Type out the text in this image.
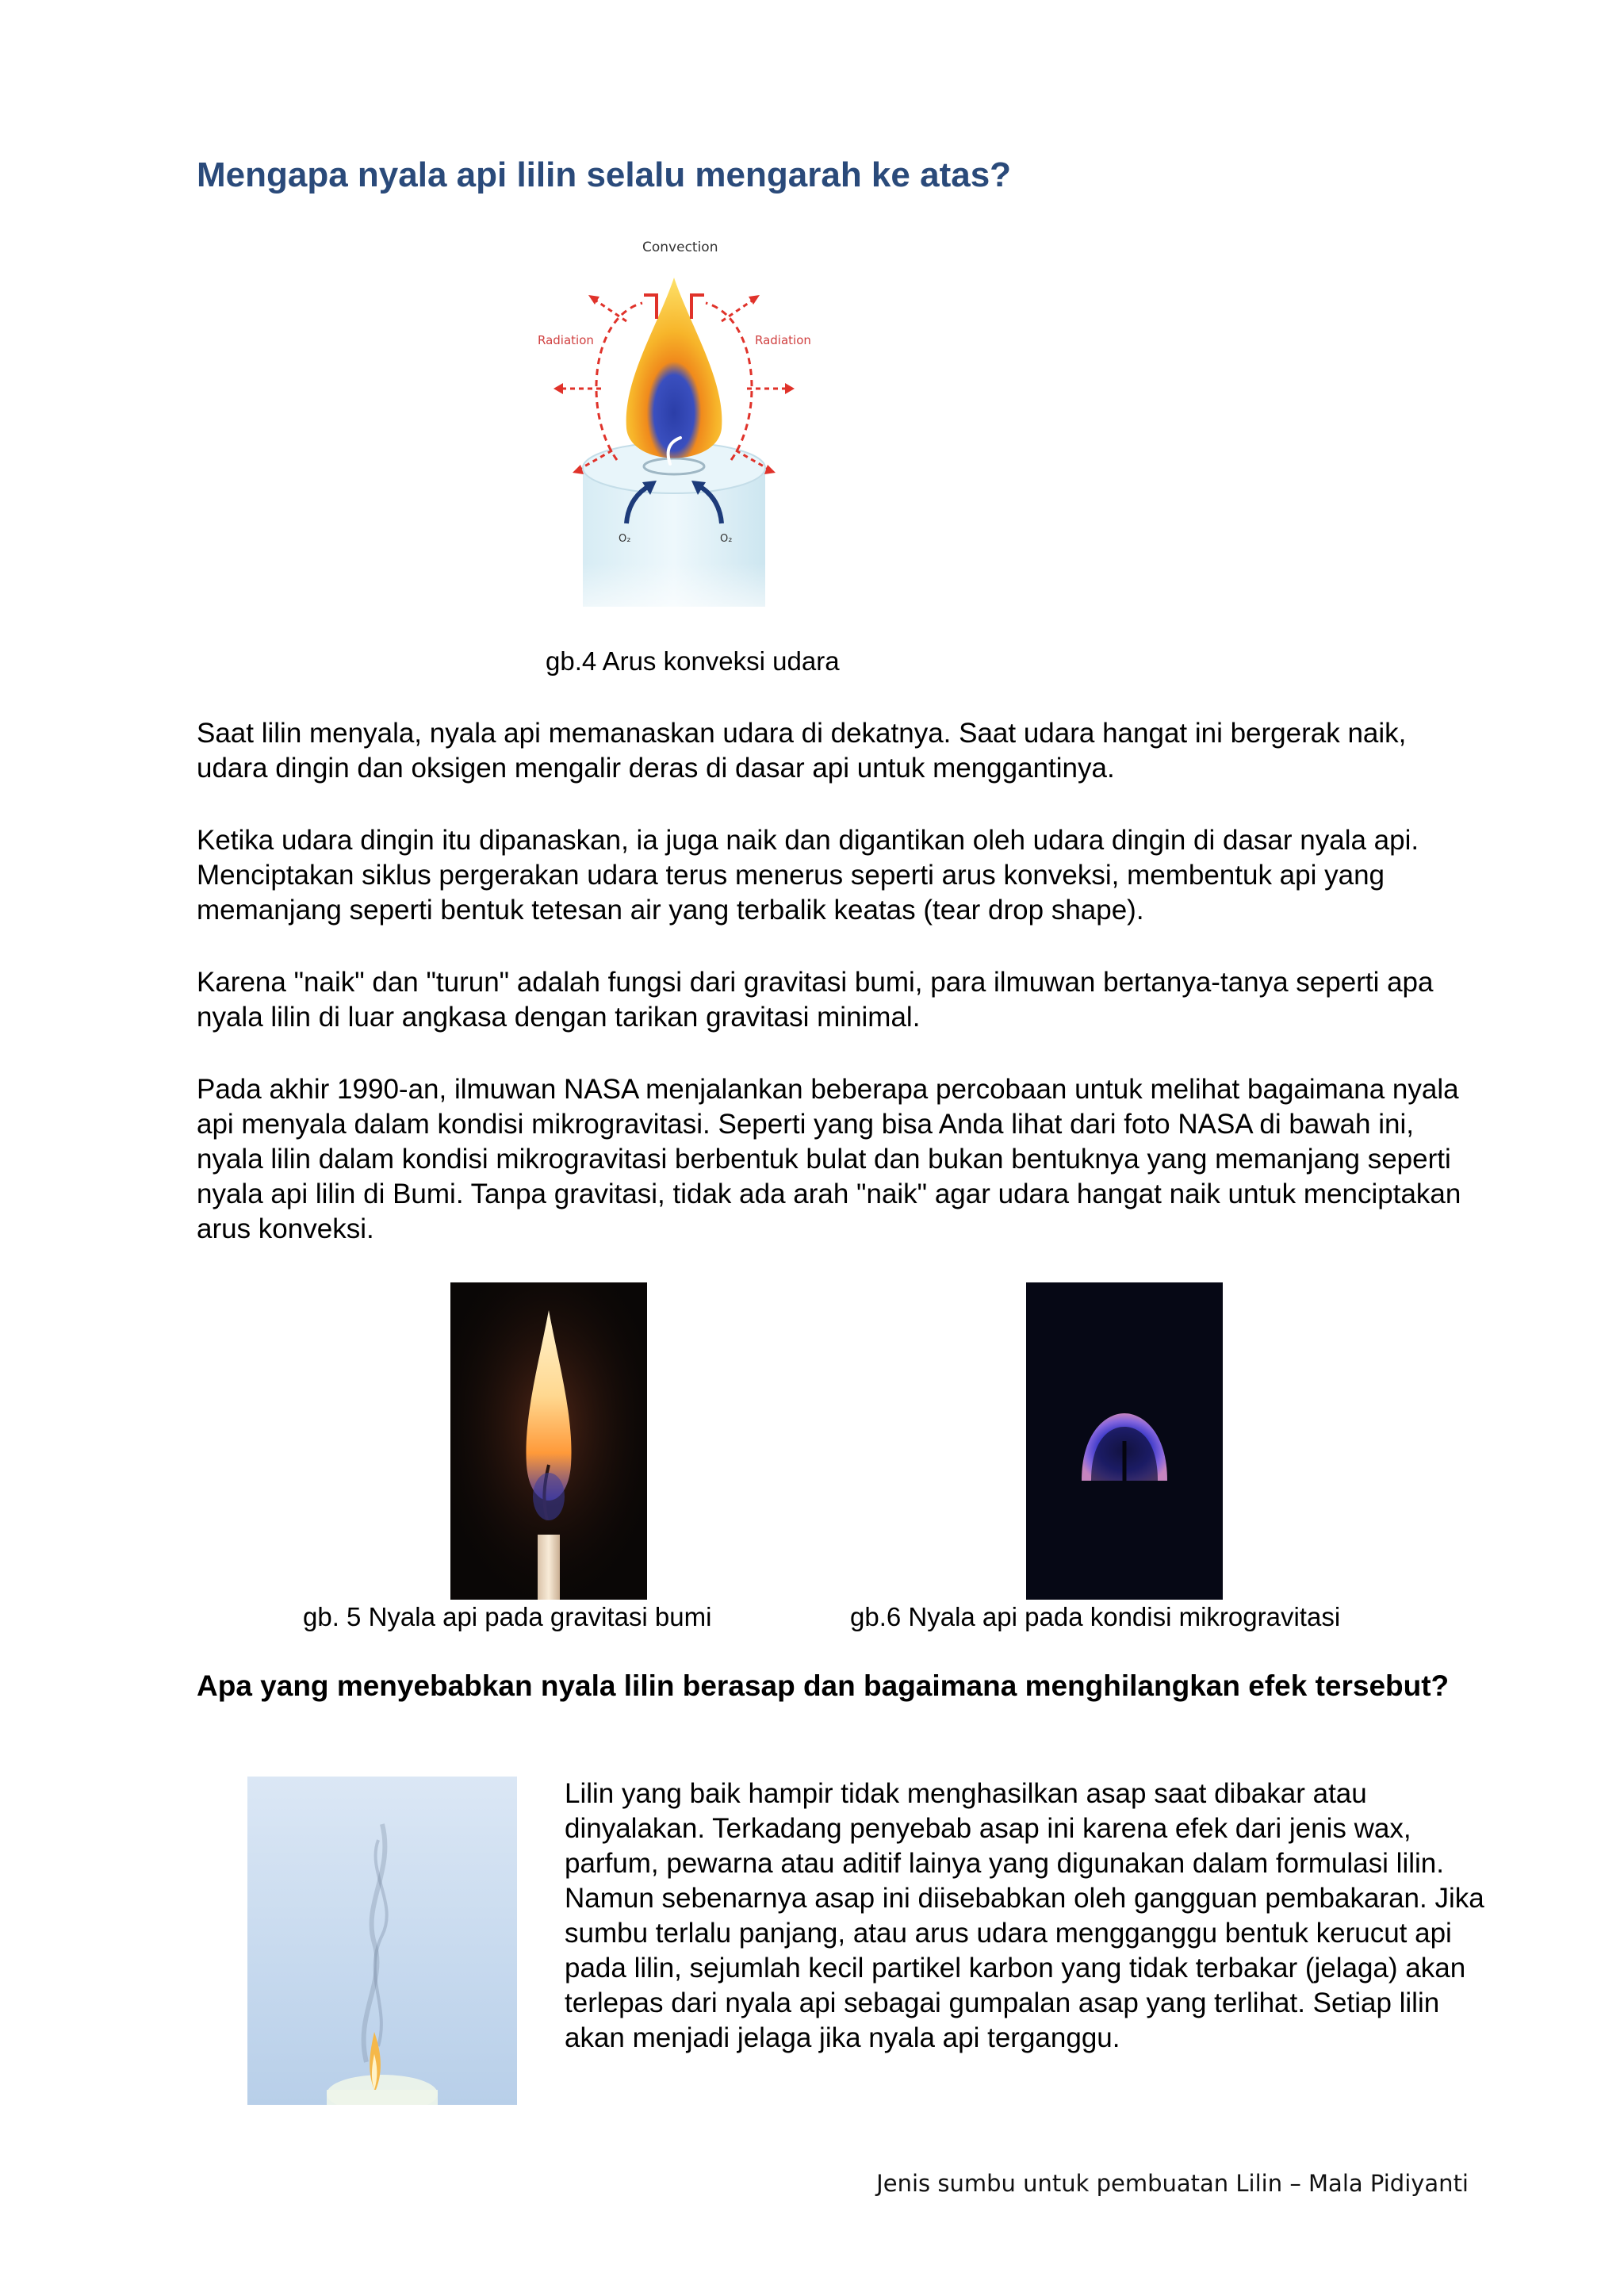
Mengapa nyala api lilin selalu mengarah ke atas?
Convection
Radiation	Radiation
O₂	O₂
gb.4 Arus konveksi udara

Saat lilin menyala, nyala api memanaskan udara di dekatnya. Saat udara hangat ini bergerak naik, udara dingin dan oksigen mengalir deras di dasar api untuk menggantinya.

Ketika udara dingin itu dipanaskan, ia juga naik dan digantikan oleh udara dingin di dasar nyala api. Menciptakan siklus pergerakan udara terus menerus seperti arus konveksi, membentuk api yang memanjang seperti bentuk tetesan air yang terbalik keatas (tear drop shape).

Karena "naik" dan "turun" adalah fungsi dari gravitasi bumi, para ilmuwan bertanya-tanya seperti apa nyala lilin di luar angkasa dengan tarikan gravitasi minimal.

Pada akhir 1990-an, ilmuwan NASA menjalankan beberapa percobaan untuk melihat bagaimana nyala api menyala dalam kondisi mikrogravitasi. Seperti yang bisa Anda lihat dari foto NASA di bawah ini, nyala lilin dalam kondisi mikrogravitasi berbentuk bulat dan bukan bentuknya yang memanjang seperti nyala api lilin di Bumi. Tanpa gravitasi, tidak ada arah "naik" agar udara hangat naik untuk menciptakan arus konveksi.

gb. 5 Nyala api pada gravitasi bumi	gb.6 Nyala api pada kondisi mikrogravitasi
Apa yang menyebabkan nyala lilin berasap dan bagaimana menghilangkan efek tersebut?

Lilin yang baik hampir tidak menghasilkan asap saat dibakar atau dinyalakan. Terkadang penyebab asap ini karena efek dari jenis wax, parfum, pewarna atau aditif lainya yang digunakan dalam formulasi lilin. Namun sebenarnya asap ini diisebabkan oleh gangguan pembakaran. Jika sumbu terlalu panjang, atau arus udara mengganggu bentuk kerucut api pada lilin, sejumlah kecil partikel karbon yang tidak terbakar (jelaga) akan terlepas dari nyala api sebagai gumpalan asap yang terlihat. Setiap lilin akan menjadi jelaga jika nyala api terganggu.

Jenis sumbu untuk pembuatan Lilin – Mala Pidiyanti
